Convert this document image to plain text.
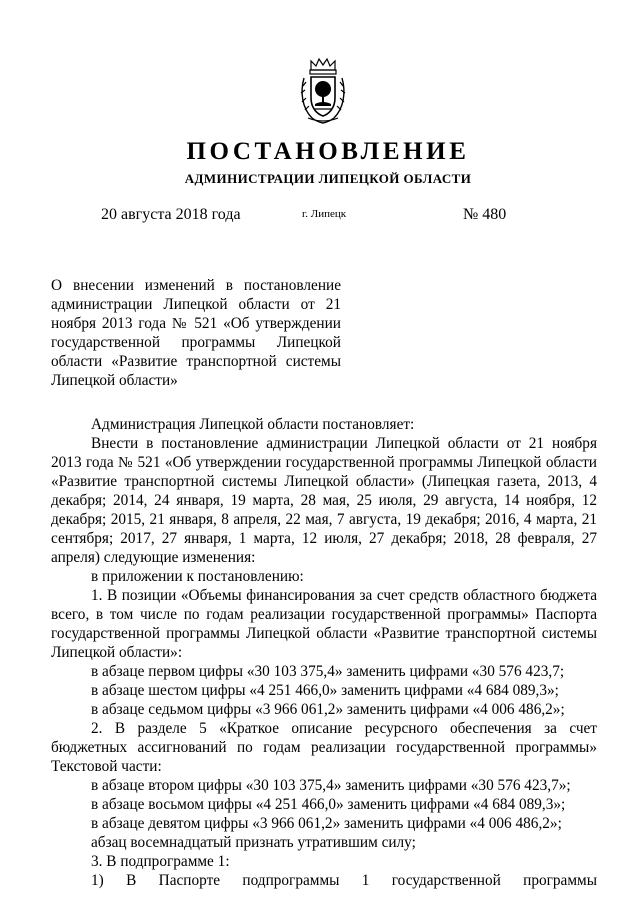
ПОСТАНОВЛЕНИЕ
АДМИНИСТРАЦИИ ЛИПЕЦКОЙ ОБЛАСТИ
20 августа 2018 года	г. Липецк	№ 480
О внесении изменений в постановление администрации Липецкой области от 21 ноября 2013 года № 521 «Об утверждении государственной программы Липецкой области «Развитие транспортной системы Липецкой области»

Администрация Липецкой области постановляет:

Внести в постановление администрации Липецкой области от 21 ноября 2013 года № 521 «Об утверждении государственной программы Липецкой области «Развитие транспортной системы Липецкой области» (Липецкая газета, 2013, 4 декабря; 2014, 24 января, 19 марта, 28 мая, 25 июля, 29 августа, 14 ноября, 12 декабря; 2015, 21 января, 8 апреля, 22 мая, 7 августа, 19 декабря; 2016, 4 марта, 21 сентября; 2017, 27 января, 1 марта, 12 июля, 27 декабря; 2018, 28 февраля, 27 апреля) следующие изменения:

в приложении к постановлению:

1. В позиции «Объемы финансирования за счет средств областного бюджета всего, в том числе по годам реализации государственной программы» Паспорта государственной программы Липецкой области «Развитие транспортной системы Липецкой области»:

в абзаце первом цифры «30 103 375,4» заменить цифрами «30 576 423,7;

в абзаце шестом цифры «4 251 466,0» заменить цифрами «4 684 089,3»;

в абзаце седьмом цифры «3 966 061,2» заменить цифрами «4 006 486,2»;

2. В разделе 5 «Краткое описание ресурсного обеспечения за счет бюджетных ассигнований по годам реализации государственной программы» Текстовой части:

в абзаце втором цифры «30 103 375,4» заменить цифрами «30 576 423,7»;

в абзаце восьмом цифры «4 251 466,0» заменить цифрами «4 684 089,3»;

в абзаце девятом цифры «3 966 061,2» заменить цифрами «4 006 486,2»;

абзац восемнадцатый признать утратившим силу;

3. В подпрограмме 1:

1) В Паспорте подпрограммы 1 государственной программы
